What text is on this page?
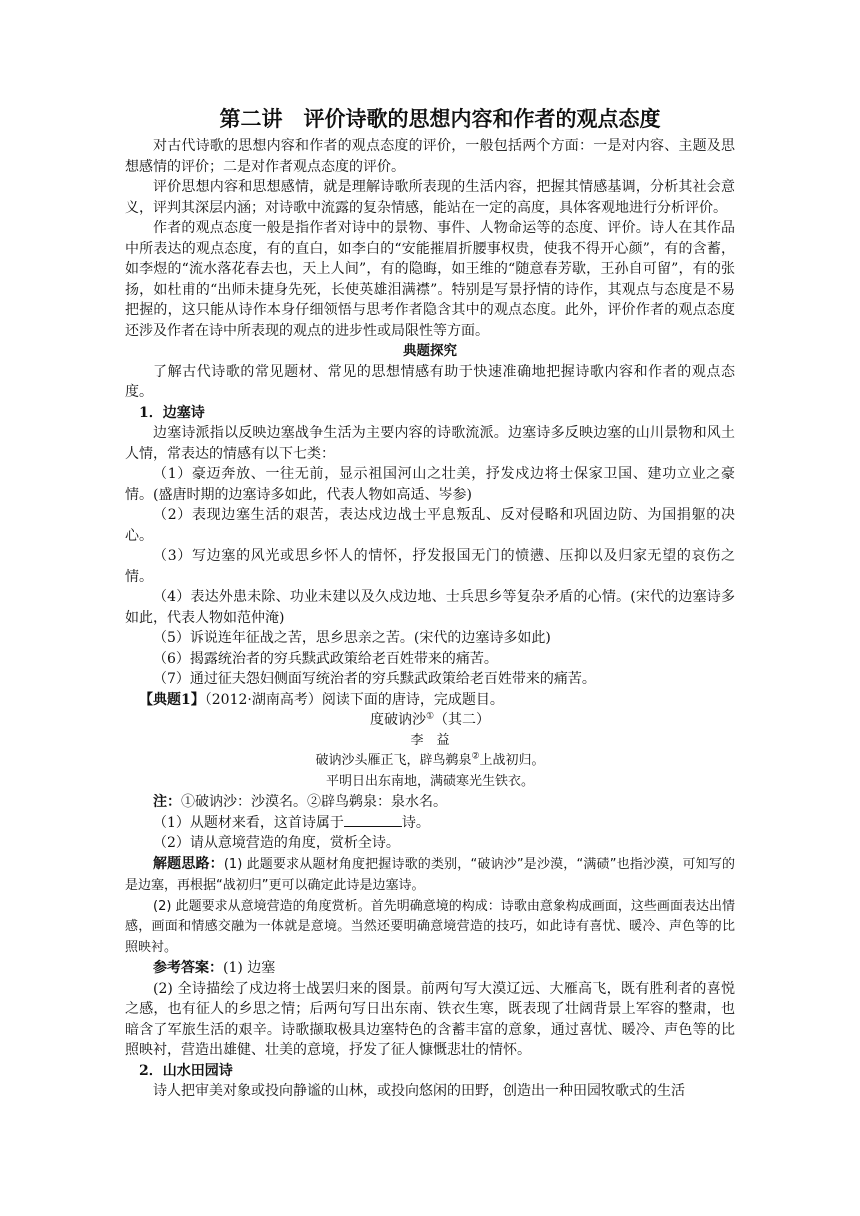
第二讲　评价诗歌的思想内容和作者的观点态度

对古代诗歌的思想内容和作者的观点态度的评价，一般包括两个方面：一是对内容、主题及思想感情的评价；二是对作者观点态度的评价。

评价思想内容和思想感情，就是理解诗歌所表现的生活内容，把握其情感基调，分析其社会意义，评判其深层内涵；对诗歌中流露的复杂情感，能站在一定的高度，具体客观地进行分析评价。

作者的观点态度一般是指作者对诗中的景物、事件、人物命运等的态度、评价。诗人在其作品中所表达的观点态度，有的直白，如李白的“安能摧眉折腰事权贵，使我不得开心颜”，有的含蓄，如李煜的“流水落花春去也，天上人间”，有的隐晦，如王维的“随意春芳歇，王孙自可留”，有的张扬，如杜甫的“出师未捷身先死，长使英雄泪满襟”。特别是写景抒情的诗作，其观点与态度是不易把握的，这只能从诗作本身仔细领悟与思考作者隐含其中的观点态度。此外，评价作者的观点态度还涉及作者在诗中所表现的观点的进步性或局限性等方面。

典题探究

了解古代诗歌的常见题材、常见的思想情感有助于快速准确地把握诗歌内容和作者的观点态度。

1．边塞诗

边塞诗派指以反映边塞战争生活为主要内容的诗歌流派。边塞诗多反映边塞的山川景物和风土人情，常表达的情感有以下七类：

（1）豪迈奔放、一往无前，显示祖国河山之壮美，抒发戍边将士保家卫国、建功立业之豪情。(盛唐时期的边塞诗多如此，代表人物如高适、岑参)

（2）表现边塞生活的艰苦，表达戍边战士平息叛乱、反对侵略和巩固边防、为国捐躯的决心。

（3）写边塞的风光或思乡怀人的情怀，抒发报国无门的愤懑、压抑以及归家无望的哀伤之情。

（4）表达外患未除、功业未建以及久戍边地、士兵思乡等复杂矛盾的心情。(宋代的边塞诗多如此，代表人物如范仲淹)

（5）诉说连年征战之苦，思乡思亲之苦。(宋代的边塞诗多如此)

（6）揭露统治者的穷兵黩武政策给老百姓带来的痛苦。

（7）通过征夫怨妇侧面写统治者的穷兵黩武政策给老百姓带来的痛苦。

【典题1】（2012·湖南高考）阅读下面的唐诗，完成题目。

度破讷沙①（其二）

李　益

破讷沙头雁正飞，辟鸟鹈泉②上战初归。

平明日出东南地，满碛寒光生铁衣。

注：①破讷沙：沙漠名。②辟鸟鹈泉：泉水名。

（1）从题材来看，这首诗属于	诗。

（2）请从意境营造的角度，赏析全诗。

解题思路：(1) 此题要求从题材角度把握诗歌的类别，“破讷沙”是沙漠，“满碛”也指沙漠，可知写的是边塞，再根据“战初归”更可以确定此诗是边塞诗。

(2) 此题要求从意境营造的角度赏析。首先明确意境的构成：诗歌由意象构成画面，这些画面表达出情感，画面和情感交融为一体就是意境。当然还要明确意境营造的技巧，如此诗有喜忧、暖冷、声色等的比照映衬。

参考答案：(1) 边塞

(2) 全诗描绘了戍边将士战罢归来的图景。前两句写大漠辽远、大雁高飞，既有胜利者的喜悦之感，也有征人的乡思之情；后两句写日出东南、铁衣生寒，既表现了壮阔背景上军容的整肃，也暗含了军旅生活的艰辛。诗歌撷取极具边塞特色的含蓄丰富的意象，通过喜忧、暖冷、声色等的比照映衬，营造出雄健、壮美的意境，抒发了征人慷慨悲壮的情怀。

2．山水田园诗

诗人把审美对象或投向静谧的山林，或投向悠闲的田野，创造出一种田园牧歌式的生活
